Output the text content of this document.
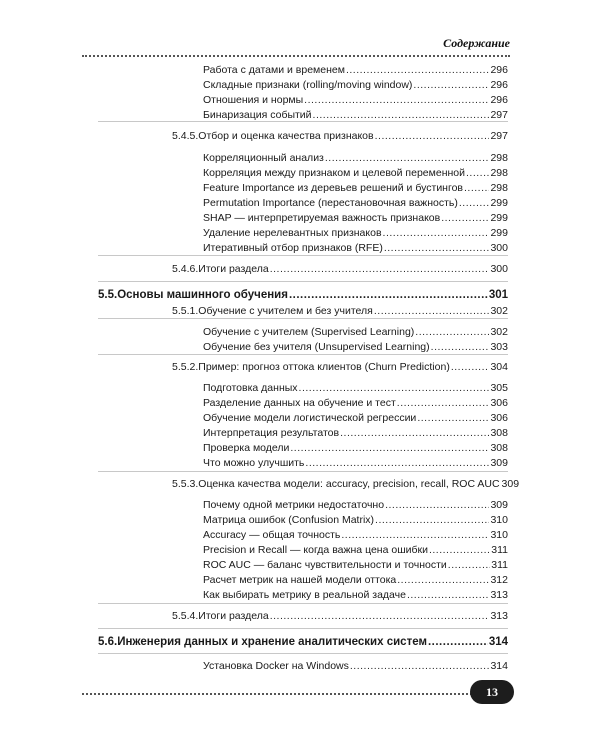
Содержание
Работа с датами и временем .....	296
Складные признаки (rolling/moving window) .....	296
Отношения и нормы .....	296
Бинаризация событий .....	297
5.4.5. Отбор и оценка качества признаков .....	297
Корреляционный анализ .....	298
Корреляция между признаком и целевой переменной ..... 298
Feature Importance из деревьев решений и бустингов .....	298
Permutation Importance (перестановочная важность) .....	299
SHAP — интерпретируемая важность признаков .....	299
Удаление нерелевантных признаков .....	299
Итеративный отбор признаков (RFE) .....	300
5.4.6. Итоги раздела .....	300
5.5. Основы машинного обучения .....	301
5.5.1. Обучение с учителем и без учителя .....	302
Обучение с учителем (Supervised Learning) .....	302
Обучение без учителя (Unsupervised Learning) .....	303
5.5.2. Пример: прогноз оттока клиентов (Churn Prediction) .....	304
Подготовка данных .....	305
Разделение данных на обучение и тест .....	306
Обучение модели логистической регрессии .....	306
Интерпретация результатов .....	308
Проверка модели .....	308
Что можно улучшить .....	309
5.5.3. Оценка качества модели: accuracy, precision, recall, ROC AUC 309
Почему одной метрики недостаточно .....	309
Матрица ошибок (Confusion Matrix) .....	310
Accuracy — общая точность .....	310
Precision и Recall — когда важна цена ошибки .....	311
ROC AUC — баланс чувствительности и точности .....	311
Расчет метрик на нашей модели оттока .....	312
Как выбирать метрику в реальной задаче .....	313
5.5.4. Итоги раздела .....	313
5.6. Инженерия данных и хранение аналитических систем .....	314
Установка Docker на Windows .....	314
13
